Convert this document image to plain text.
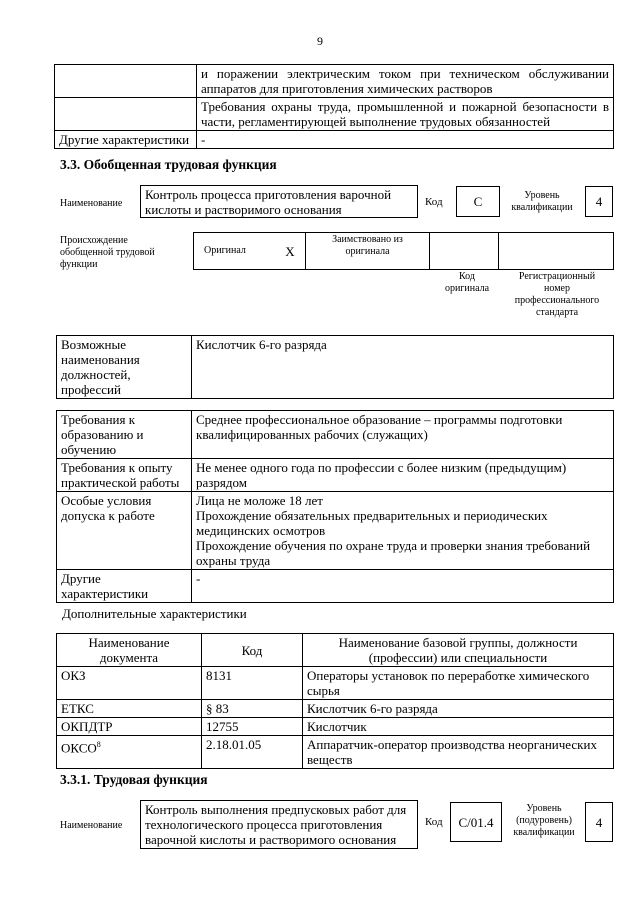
9
	и поражении электрическим током при техническом обслуживании аппаратов для приготовления химических растворов
	Требования охраны труда, промышленной и пожарной безопасности в части, регламентирующей выполнение трудовых обязанностей
Другие характеристики	-
3.3. Обобщенная трудовая функция
Наименование
Контроль процесса приготовления варочной кислоты и растворимого основания	Код	C	Уровень квалификации	4
Происхождение обобщенной трудовой функции
Оригинал	X	Заимствовано из оригинала		
Код оригинала
Регистрационный номер профессионального стандарта
Возможные наименования должностей, профессий	Кислотчик 6-го разряда
Требования к образованию и обучению	Среднее профессиональное образование – программы подготовки квалифицированных рабочих (служащих)

Требования к опыту практической работы	Не менее одного года по профессии с более низким (предыдущим) разрядом

Особые условия допуска к работе	Лица не моложе 18 лет
Прохождение обязательных предварительных и периодических медицинских осмотров
Прохождение обучения по охране труда и проверки знания требований охраны труда

Другие характеристики	-
Дополнительные характеристики
Наименование документа	Код	Наименование базовой группы, должности (профессии) или специальности
ОКЗ	8131	Операторы установок по переработке химического сырья
ЕТКС	§ 83	Кислотчик 6-го разряда
ОКПДТР	12755	Кислотчик
ОКСО$^8$	2.18.01.05	Аппаратчик-оператор производства неорганических веществ
3.3.1. Трудовая функция
Наименование
Контроль выполнения предпусковых работ для технологического процесса приготовления варочной кислоты и растворимого основания
Код	C/01.4
Уровень (подуровень) квалификации
4
